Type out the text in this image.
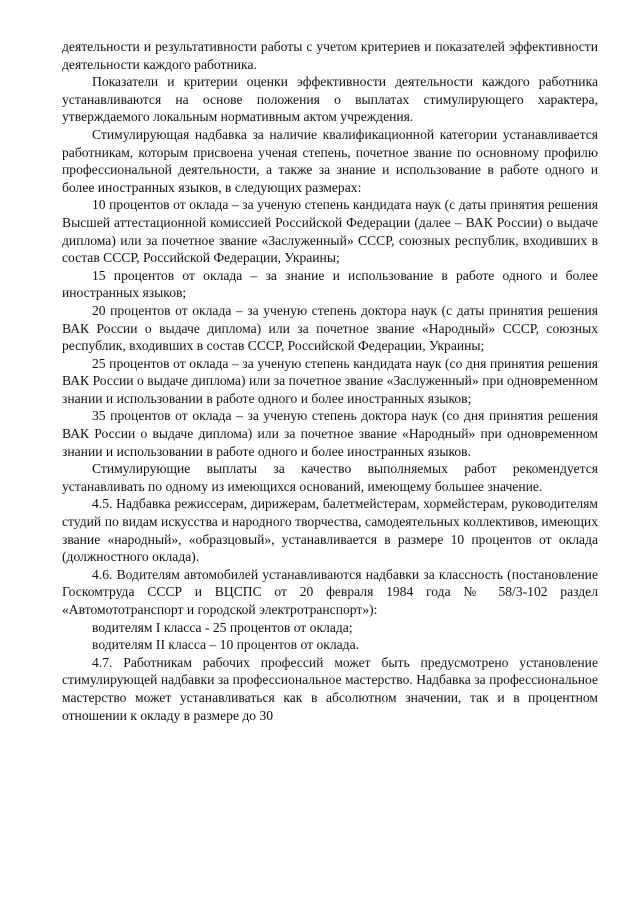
деятельности и результативности работы с учетом критериев и показателей эффективности деятельности каждого работника.

Показатели и критерии оценки эффективности деятельности каждого работника устанавливаются на основе положения о выплатах стимулирующего характера, утверждаемого локальным нормативным актом учреждения.

Стимулирующая надбавка за наличие квалификационной категории устанавливается работникам, которым присвоена ученая степень, почетное звание по основному профилю профессиональной деятельности, а также за знание и использование в работе одного и более иностранных языков, в следующих размерах:

10 процентов от оклада – за ученую степень кандидата наук (с даты принятия решения Высшей аттестационной комиссией Российской Федерации (далее – ВАК России) о выдаче диплома) или за почетное звание «Заслуженный» СССР, союзных республик, входивших в состав СССР, Российской Федерации, Украины;

15 процентов от оклада – за знание и использование в работе одного и более иностранных языков;

20 процентов от оклада – за ученую степень доктора наук (с даты принятия решения ВАК России о выдаче диплома) или за почетное звание «Народный» СССР, союзных республик, входивших в состав СССР, Российской Федерации, Украины;

25 процентов от оклада – за ученую степень кандидата наук (со дня принятия решения ВАК России о выдаче диплома) или за почетное звание «Заслуженный» при одновременном знании и использовании в работе одного и более иностранных языков;

35 процентов от оклада – за ученую степень доктора наук (со дня принятия решения ВАК России о выдаче диплома) или за почетное звание «Народный» при одновременном знании и использовании в работе одного и более иностранных языков.

Стимулирующие выплаты за качество выполняемых работ рекомендуется устанавливать по одному из имеющихся оснований, имеющему большее значение.

4.5. Надбавка режиссерам, дирижерам, балетмейстерам, хормейстерам, руководителям студий по видам искусства и народного творчества, самодеятельных коллективов, имеющих звание «народный», «образцовый», устанавливается в размере 10 процентов от оклада (должностного оклада).

4.6. Водителям автомобилей устанавливаются надбавки за классность (постановление Госкомтруда СССР и ВЦСПС от 20 февраля 1984 года № 58/3-102 раздел «Автомототранспорт и городской электротранспорт»):

водителям I класса - 25 процентов от оклада;

водителям II класса – 10 процентов от оклада.

4.7. Работникам рабочих профессий может быть предусмотрено установление стимулирующей надбавки за профессиональное мастерство. Надбавка за профессиональное мастерство может устанавливаться как в абсолютном значении, так и в процентном отношении к окладу в размере до 30
